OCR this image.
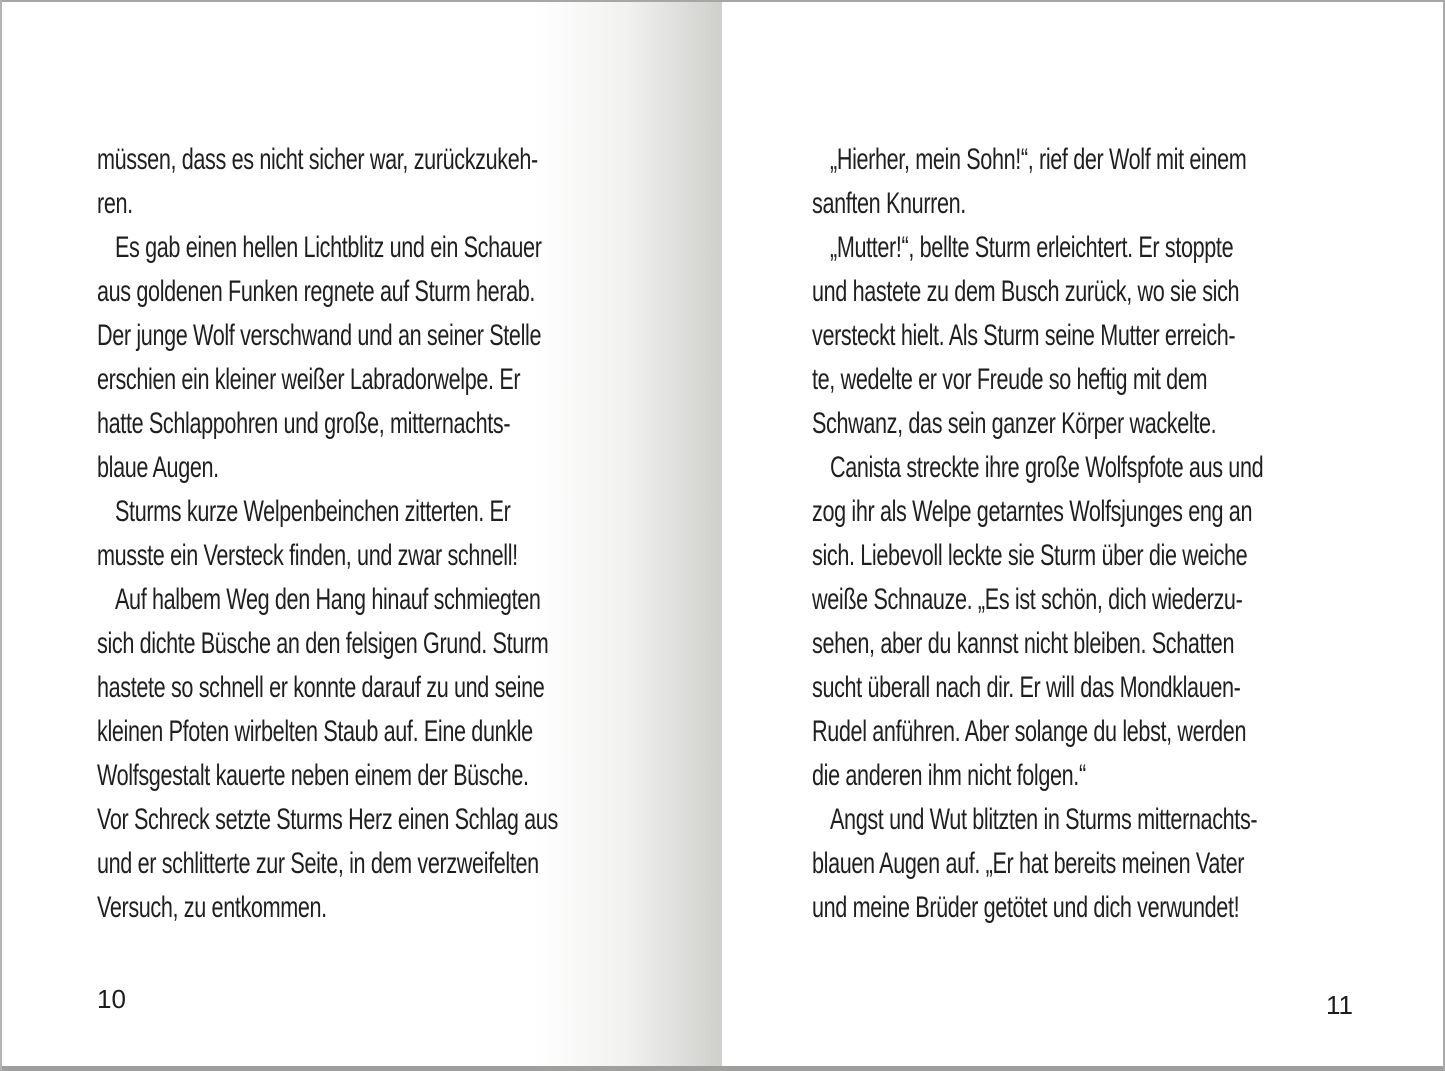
müssen, dass es nicht sicher war, zurückzukeh-
ren.
Es gab einen hellen Lichtblitz und ein Schauer
aus goldenen Funken regnete auf Sturm herab.
Der junge Wolf verschwand und an seiner Stelle
erschien ein kleiner weißer Labradorwelpe. Er
hatte Schlappohren und große, mitternachts-
blaue Augen.
Sturms kurze Welpenbeinchen zitterten. Er
musste ein Versteck finden, und zwar schnell!
Auf halbem Weg den Hang hinauf schmiegten
sich dichte Büsche an den felsigen Grund. Sturm
hastete so schnell er konnte darauf zu und seine
kleinen Pfoten wirbelten Staub auf. Eine dunkle
Wolfsgestalt kauerte neben einem der Büsche.
Vor Schreck setzte Sturms Herz einen Schlag aus
und er schlitterte zur Seite, in dem verzweifelten
Versuch, zu entkommen.
10
„Hierher, mein Sohn!“, rief der Wolf mit einem
sanften Knurren.
„Mutter!“, bellte Sturm erleichtert. Er stoppte
und hastete zu dem Busch zurück, wo sie sich
versteckt hielt. Als Sturm seine Mutter erreich-
te, wedelte er vor Freude so heftig mit dem
Schwanz, das sein ganzer Körper wackelte.
Canista streckte ihre große Wolfspfote aus und
zog ihr als Welpe getarntes Wolfsjunges eng an
sich. Liebevoll leckte sie Sturm über die weiche
weiße Schnauze. „Es ist schön, dich wiederzu-
sehen, aber du kannst nicht bleiben. Schatten
sucht überall nach dir. Er will das Mondklauen-
Rudel anführen. Aber solange du lebst, werden
die anderen ihm nicht folgen.“
Angst und Wut blitzten in Sturms mitternachts-
blauen Augen auf. „Er hat bereits meinen Vater
und meine Brüder getötet und dich verwundet!
11
